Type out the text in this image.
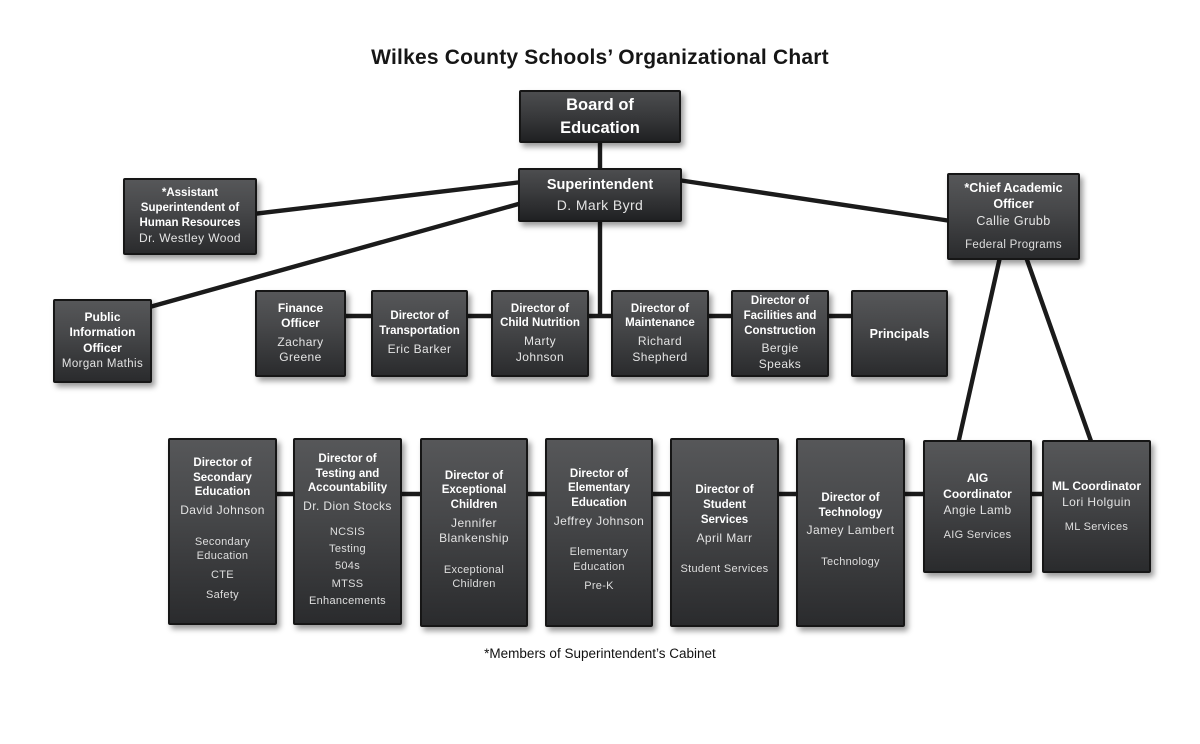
Wilkes County Schools’ Organizational Chart
Board of Education
Superintendent
D. Mark Byrd
*Assistant Superintendent of Human Resources
Dr. Westley Wood
*Chief Academic Officer
Callie Grubb
Federal Programs
Public Information Officer
Morgan Mathis
Finance Officer
Zachary Greene
Director of Transportation
Eric Barker
Director of Child Nutrition
Marty Johnson
Director of Maintenance
Richard Shepherd
Director of Facilities and Construction
Bergie Speaks
Principals
Director of Secondary Education
David Johnson
Secondary Education
CTE
Safety
Director of Testing and Accountability
Dr. Dion Stocks
NCSIS
Testing
504s
MTSS
Enhancements
Director of Exceptional Children
Jennifer Blankenship
Exceptional Children
Director of Elementary Education
Jeffrey Johnson
Elementary Education
Pre-K
Director of Student Services
April Marr
Student Services
Director of Technology
Jamey Lambert
Technology
AIG Coordinator
Angie Lamb
AIG Services
ML Coordinator
Lori Holguin
ML Services
*Members of Superintendent’s Cabinet
